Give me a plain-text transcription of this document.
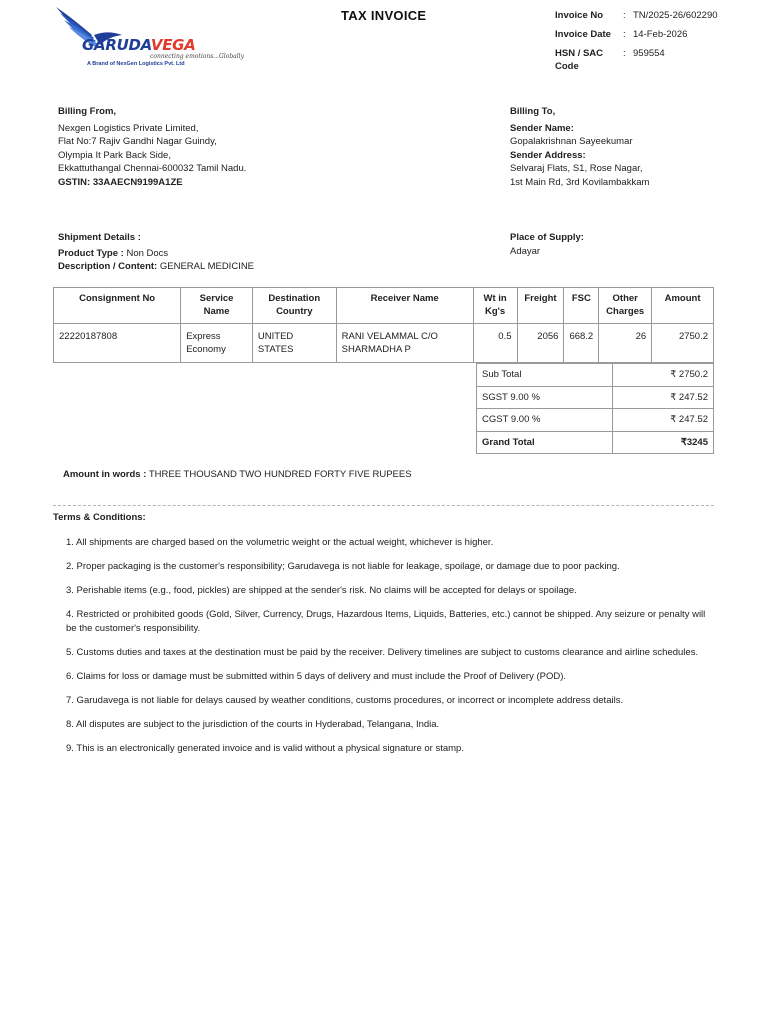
GARUDAVEGA
connecting emotions...Globally
A Brand of NexGen Logistics Pvt. Ltd
TAX INVOICE	Invoice No	: TN/2025-26/602290
Invoice Date	: 14-Feb-2026
HSN / SAC Code
: 959554
Billing From,
Nexgen Logistics Private Limited,
Flat No:7 Rajiv Gandhi Nagar Guindy,
Olympia It Park Back Side,
Ekkattuthangal Chennai-600032 Tamil Nadu.
GSTIN: 33AAECN9199A1ZE
Billing To,
Sender Name:
Gopalakrishnan Sayeekumar
Sender Address:
Selvaraj Flats, S1, Rose Nagar,
1st Main Rd, 3rd Kovilambakkam
Shipment Details :
Product Type : Non Docs
Description / Content: GENERAL MEDICINE
Place of Supply:
Adayar
Consignment No	Service Name	Destination Country	Receiver Name	Wt in Kg's	Freight	FSC	Other Charges	Amount
22220187808	Express Economy	UNITED STATES	RANI VELAMMAL C/O SHARMADHA P	0.5	2056	668.2	26	2750.2
Sub Total	₹ 2750.2
SGST 9.00 %	₹ 247.52
CGST 9.00 %	₹ 247.52
Grand Total	₹3245
Amount in words : THREE THOUSAND TWO HUNDRED FORTY FIVE RUPEES
Terms & Conditions:
1. All shipments are charged based on the volumetric weight or the actual weight, whichever is higher.
2. Proper packaging is the customer's responsibility; Garudavega is not liable for leakage, spoilage, or damage due to poor packing.
3. Perishable items (e.g., food, pickles) are shipped at the sender's risk. No claims will be accepted for delays or spoilage.
4. Restricted or prohibited goods (Gold, Silver, Currency, Drugs, Hazardous Items, Liquids, Batteries, etc.) cannot be shipped. Any seizure or penalty will be the customer's responsibility.
5. Customs duties and taxes at the destination must be paid by the receiver. Delivery timelines are subject to customs clearance and airline schedules.
6. Claims for loss or damage must be submitted within 5 days of delivery and must include the Proof of Delivery (POD).
7. Garudavega is not liable for delays caused by weather conditions, customs procedures, or incorrect or incomplete address details.
8. All disputes are subject to the jurisdiction of the courts in Hyderabad, Telangana, India.
9. This is an electronically generated invoice and is valid without a physical signature or stamp.
